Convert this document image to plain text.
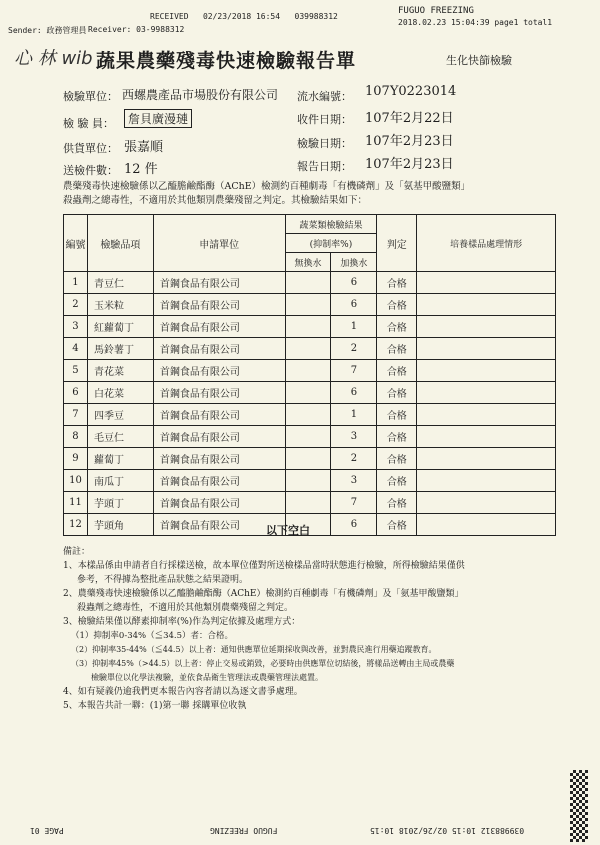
RECEIVED 02/23/2018 16:54 039988312
Sender: 政務管理員 Receiver: 03-9988312
FUGUO FREEZING
2018.02.23 15:04:39 page1 total1
心 林 wib 蔬果農藥殘毒快速檢驗報告單	生化快篩檢驗
檢驗單位： 西螺農產品市場股份有限公司 流水編號： 107Y0223014
檢 驗 員：	詹貝廣漫璉	收件日期： 107年2月22日
供貨單位： 張嘉順	檢驗日期： 107年2月23日
送檢件數： 12 件	報告日期： 107年2月23日
農藥殘毒快速檢驗係以乙醯膽鹼酯酶（AChE）檢測約百種劇毒「有機磷劑」及「氨基甲酸鹽類」
殺蟲劑之總毒性，不適用於其他類別農藥殘留之判定。其檢驗結果如下：
編號	檢驗品項	申請單位	蔬菜類檢驗結果		判定	培養樣品處理情形
			(抑制率%)			
			無換水	加換水		
1	青豆仁	首鋼食品有限公司		6	合格	
2	玉米粒	首鋼食品有限公司		6	合格	
3	紅蘿蔔丁	首鋼食品有限公司		1	合格	
4	馬鈴薯丁	首鋼食品有限公司		2	合格	
5	青花菜	首鋼食品有限公司		7	合格	
6	白花菜	首鋼食品有限公司		6	合格	
7	四季豆	首鋼食品有限公司		1	合格	
8	毛豆仁	首鋼食品有限公司		3	合格	
9	蘿蔔丁	首鋼食品有限公司		2	合格	
10	南瓜丁	首鋼食品有限公司		3	合格	
11	芋頭丁	首鋼食品有限公司		7	合格	
12	芋頭角	首鋼食品有限公司		6	合格	
以下空白
備註：
1、本樣品係由申請者自行採樣送檢，故本單位僅對所送檢樣品當時狀態進行檢驗，所得檢驗結果僅供
參考，不得據為整批產品狀態之結果證明。
2、農藥殘毒快速檢驗係以乙醯膽鹼酯酶（AChE）檢測約百種劇毒「有機磷劑」及「氨基甲酸鹽類」
殺蟲劑之總毒性，不適用於其他類別農藥殘留之判定。
3、檢驗結果僅以酵素抑制率(%)作為判定依據及處理方式：
（1）抑制率0-34%（≦34.5）者：合格。
（2）抑制率35-44%（≦44.5）以上者：通知供應單位延期採收與改善，並對農民進行用藥追蹤教育。
（3）抑制率45%（>44.5）以上者：停止交易或銷毀，必要時由供應單位切結後，將樣品送轉由主局或農藥
檢驗單位以化學法複驗，並依食品衛生管理法或農藥管理法處置。
4、如有疑義仍逾我們更本報告內容者請以為逐文書爭處理。
5、本報告共計一聯：(1)第一聯 採購單位收執
PAGE 01	FUGUO FREEZING	039988312 10:15 02/26/2018 10:15
